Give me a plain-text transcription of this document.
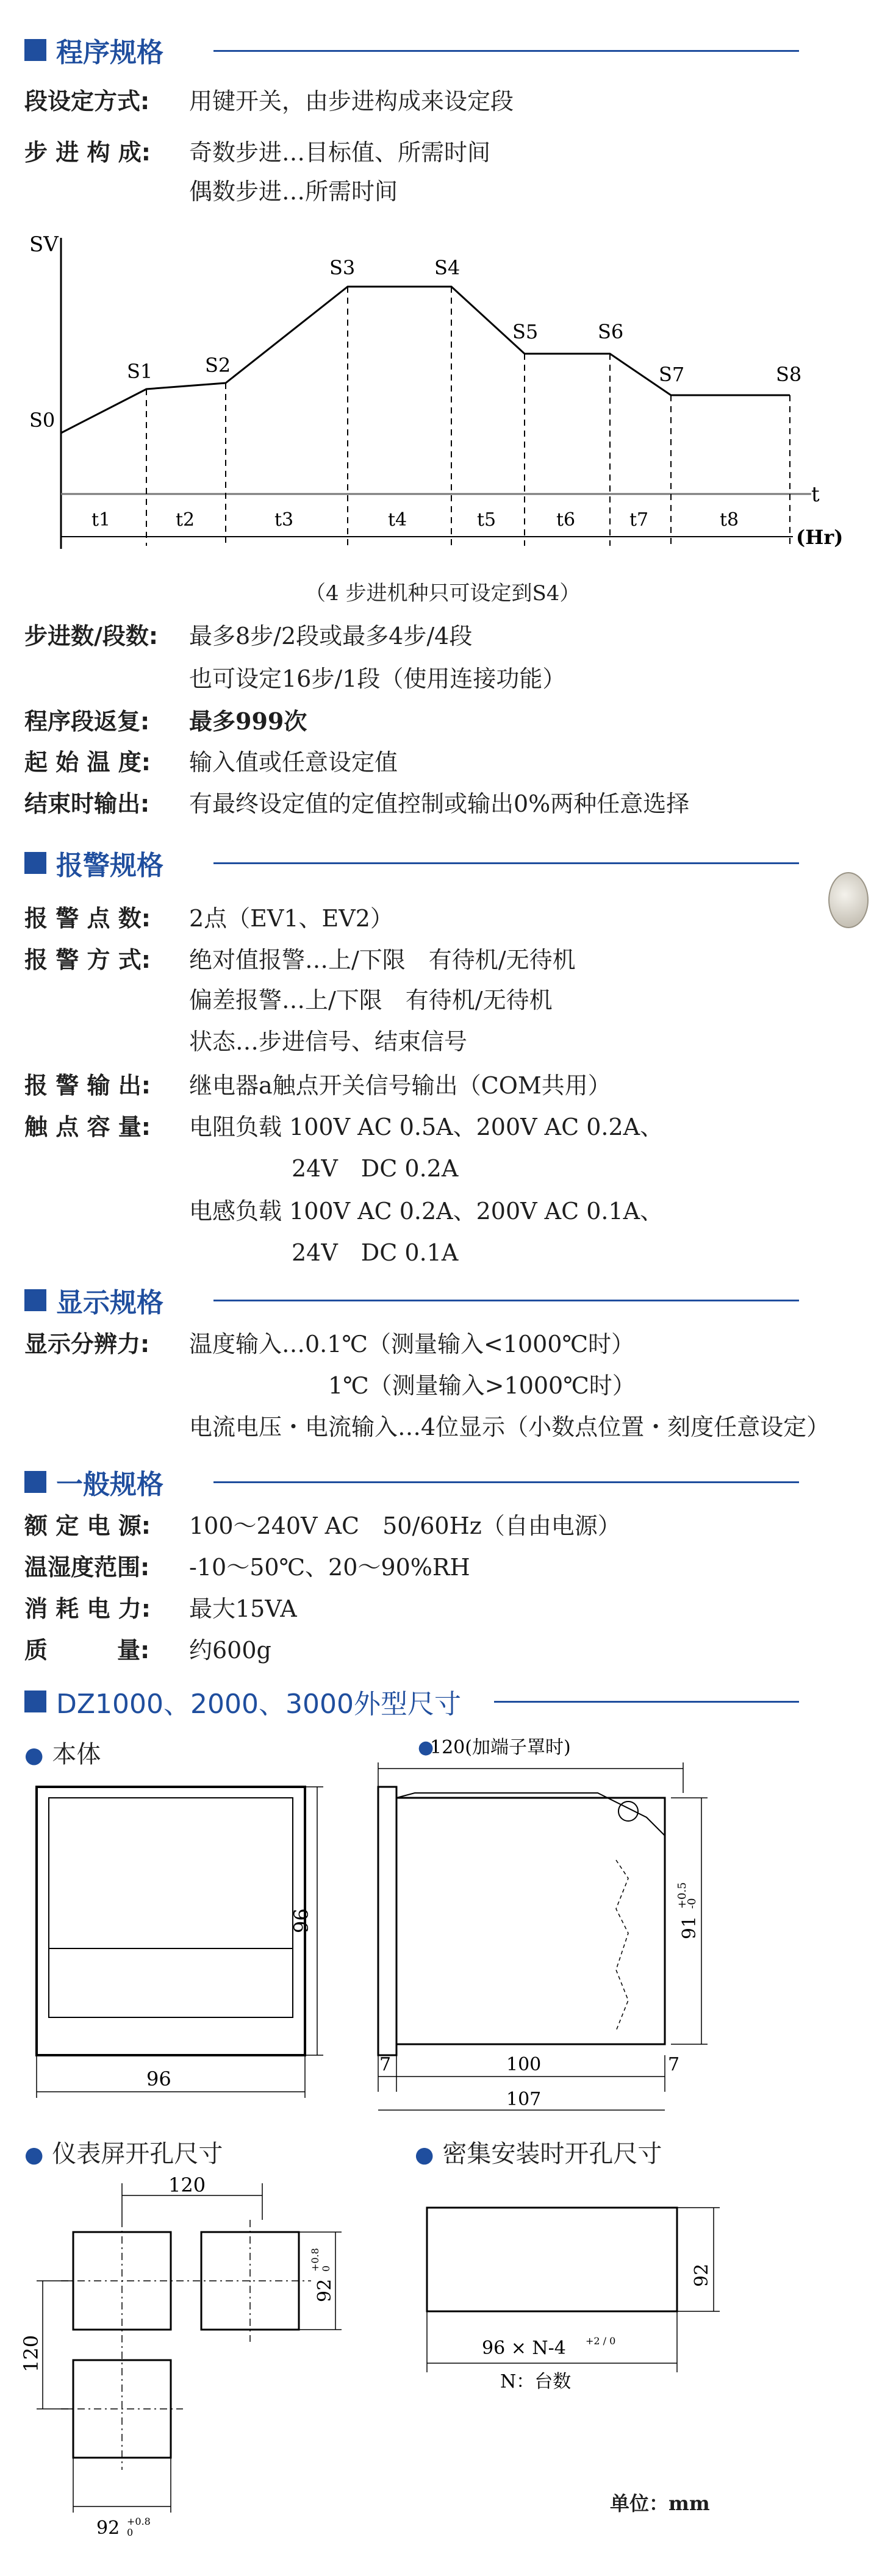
程序规格
段设定方式: 用键开关，由步进构成来设定段
步 进 构 成: 奇数步进…目标值、所需时间
偶数步进…所需时间
SV
t
(Hr)
S0
S1	S2
S3	S4
S5	S6
S7	S8
t1	t2	t3	t4	t5	t6	t7	t8
（4 步进机种只可设定到S4）
步进数/段数: 最多8步/2段或最多4步/4段
也可设定16步/1段（使用连接功能）
程序段返复: 最多999次
起 始 温 度: 输入值或任意设定值
结束时输出: 有最终设定值的定值控制或输出0%两种任意选择
报警规格
报 警 点 数: 2点（EV1、EV2）
报 警 方 式: 绝对值报警…上/下限　有待机/无待机
偏差报警…上/下限　有待机/无待机
状态…步进信号、结束信号
报 警 输 出: 继电器a触点开关信号输出（COM共用）
触 点 容 量: 电阻负载 100V AC 0.5A、200V AC 0.2A、
24V　DC 0.2A
电感负载 100V AC 0.2A、200V AC 0.1A、
24V　DC 0.1A
显示规格
显示分辨力: 温度输入…0.1℃（测量输入<1000℃时）
1℃（测量输入>1000℃时）
电流电压・电流输入…4位显示（小数点位置・刻度任意设定）
一般规格
额 定 电 源: 100～240V AC　50/60Hz（自由电源）
温湿度范围: -10～50℃、20～90%RH
消 耗 电 力: 最大15VA
质　　　量: 约600g
DZ1000、2000、3000外型尺寸
● 本体
96
96
●
120(加端子罩时)
91
+0.5
-0
7	100	7
107
● 仪表屏开孔尺寸	● 密集安装时开孔尺寸
120
120
92
+0.8 0
92 +0.8
0
92
96 × N-4 +2 / 0
N：台数
单位：mm
